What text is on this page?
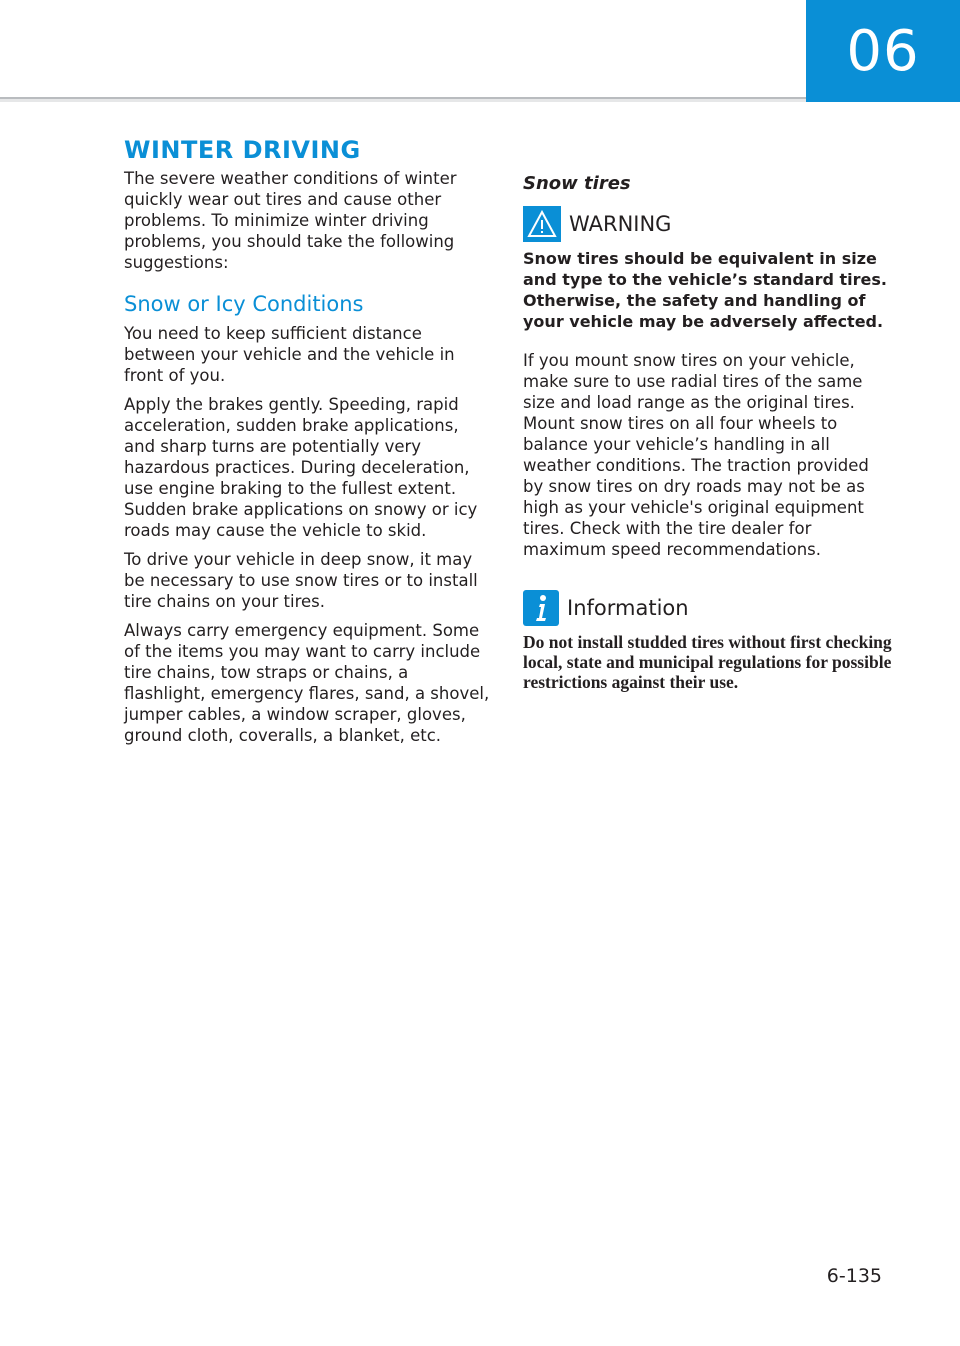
06
WINTER DRIVING

The severe weather conditions of winter quickly wear out tires and cause other problems. To minimize winter driving problems, you should take the following suggestions:

Snow or Icy Conditions

You need to keep sufficient distance between your vehicle and the vehicle in front of you.

Apply the brakes gently. Speeding, rapid acceleration, sudden brake applications, and sharp turns are potentially very hazardous practices. During deceleration, use engine braking to the fullest extent. Sudden brake applications on snowy or icy roads may cause the vehicle to skid.

To drive your vehicle in deep snow, it may be necessary to use snow tires or to install tire chains on your tires.

Always carry emergency equipment. Some of the items you may want to carry include tire chains, tow straps or chains, a flashlight, emergency flares, sand, a shovel, jumper cables, a window scraper, gloves, ground cloth, coveralls, a blanket, etc.

Snow tires
WARNING

Snow tires should be equivalent in size and type to the vehicle’s standard tires. Otherwise, the safety and handling of your vehicle may be adversely affected.

If you mount snow tires on your vehicle, make sure to use radial tires of the same size and load range as the original tires. Mount snow tires on all four wheels to balance your vehicle’s handling in all weather conditions. The traction provided by snow tires on dry roads may not be as high as your vehicle's original equipment tires. Check with the tire dealer for maximum speed recommendations.

Information

Do not install studded tires without first checking local, state and municipal regulations for possible restrictions against their use.

6-135
